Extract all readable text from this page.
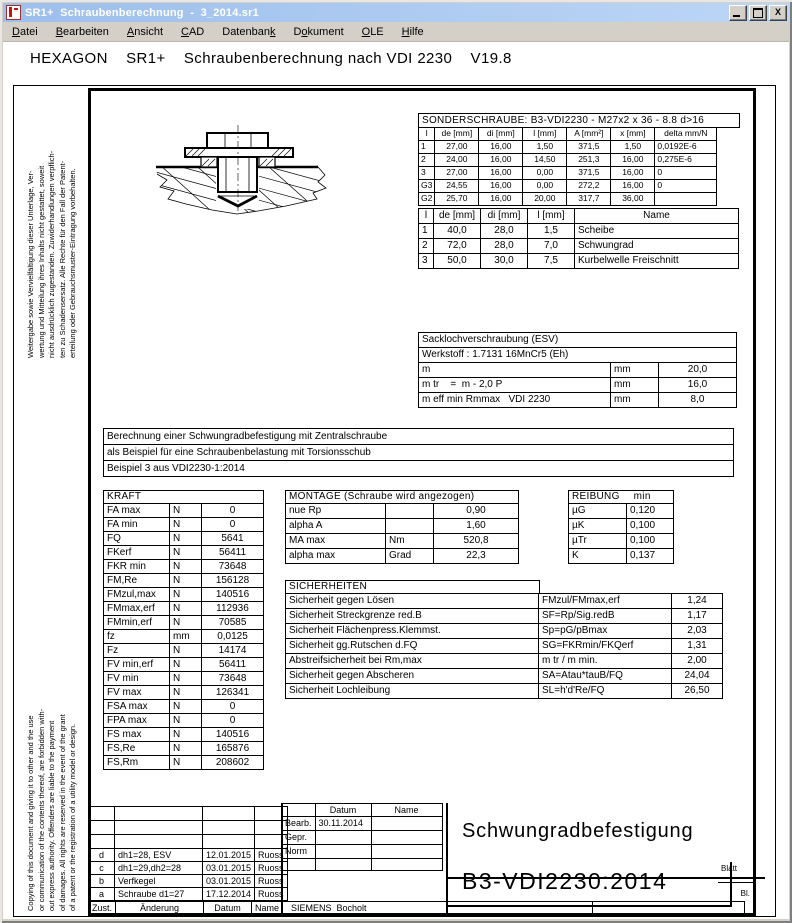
SR1+  Schraubenberechnung  -  3_2014.sr1	X
Datei	Bearbeiten	Ansicht	CAD	Datenbank	Dokument	OLE	Hilfe
HEXAGON    SR1+    Schraubenberechnung nach VDI 2230    V19.8
Weitergabe sowie Vervielfältigung dieser Unterlage, Ver- wertung und Mitteilung ihres Inhalts nicht gestattet, soweit nicht ausdrücklich zugestanden. Zuwiderhandlungen verpflich- ten zu Schadensersatz. Alle Rechte für den Fall der Patent- erteilung oder Gebrauchsmuster-Eintragung vorbehalten.
Copying of this document and giving it to other and the use or communication of the contents thereof, are forbidden with- out express authority. Offenders are liable to the payment of damages. All rights are reserved in the event of the grant of a patent or the registration of a utility model or design.
SONDERSCHRAUBE: B3-VDI2230 - M27x2 x 36 - 8.8 d>16
l	de [mm]	di [mm]	l [mm]	A [mm²]	x [mm]	delta mm/N
1	27,00	16,00	1,50	371,5	1,50	0,0192E-6
2	24,00	16,00	14,50	251,3	16,00	0,275E-6
3	27,00	16,00	0,00	371,5	16,00	0
G3	24,55	16,00	0,00	272,2	16,00	0
G2	25,70	16,00	20,00	317,7	36,00	
l	de [mm]	di [mm]	l [mm]	Name
1	40,0	28,0	1,5	Scheibe
2	72,0	28,0	7,0	Schwungrad
3	50,0	30,0	7,5	Kurbelwelle Freischnitt
Sacklochverschraubung (ESV)		
Werkstoff : 1.7131 16MnCr5 (Eh)		
m	mm	20,0
m tr    =  m - 2,0 P	mm	16,0
m eff min Rmmax   VDI 2230	mm	8,0
Berechnung einer Schwungradbefestigung mit Zentralschraube
als Beispiel für eine Schraubenbelastung mit Torsionsschub
Beispiel 3 aus VDI2230-1:2014
KRAFT		
FA max	N	0
FA min	N	0
FQ	N	5641
FKerf	N	56411
FKR min	N	73648
FM,Re	N	156128
FMzul,max	N	140516
FMmax,erf	N	112936
FMmin,erf	N	70585
fz	mm	0,0125
Fz	N	14174
FV min,erf	N	56411
FV min	N	73648
FV max	N	126341
FSA max	N	0
FPA max	N	0
FS max	N	140516
FS,Re	N	165876
FS,Rm	N	208602
MONTAGE (Schraube wird angezogen)		
nue Rp		0,90
alpha A		1,60
MA max	Nm	520,8
alpha max	Grad	22,3
REIBUNG min	

µG	0,120
µK	0,100
µTr	0,100
K	0,137
SICHERHEITEN
Sicherheit gegen Lösen	FMzul/FMmax,erf	1,24
Sicherheit Streckgrenze red.B	SF=Rp/Sig.redB	1,17
Sicherheit Flächenpress.Klemmst.	Sp=pG/pBmax	2,03
Sicherheit gg.Rutschen d.FQ	SG=FKRmin/FKQerf	1,31
Abstreifsicherheit bei Rm,max	m tr / m min.	2,00
Sicherheit gegen Abscheren	SA=Atau*tauB/FQ	24,04
Sicherheit Lochleibung	SL=h'd'Re/FQ	26,50

d	dh1=28, ESV	12.01.2015	Ruoss
c	dh1=29,dh2=28	03.01.2015	Ruoss
b	Verfkegel	03.01.2015	Ruoss
a	Schraube d1=27	17.12.2014	Ruoss
	Datum	Name
Bearb.	30.11.2014	
Gepr.		
Norm		

Schwungradbefestigung
B3-VDI2230:2014	Blatt
Bl.
Zust.	Änderung	Datum	Name	SIEMENS  Bocholt	
